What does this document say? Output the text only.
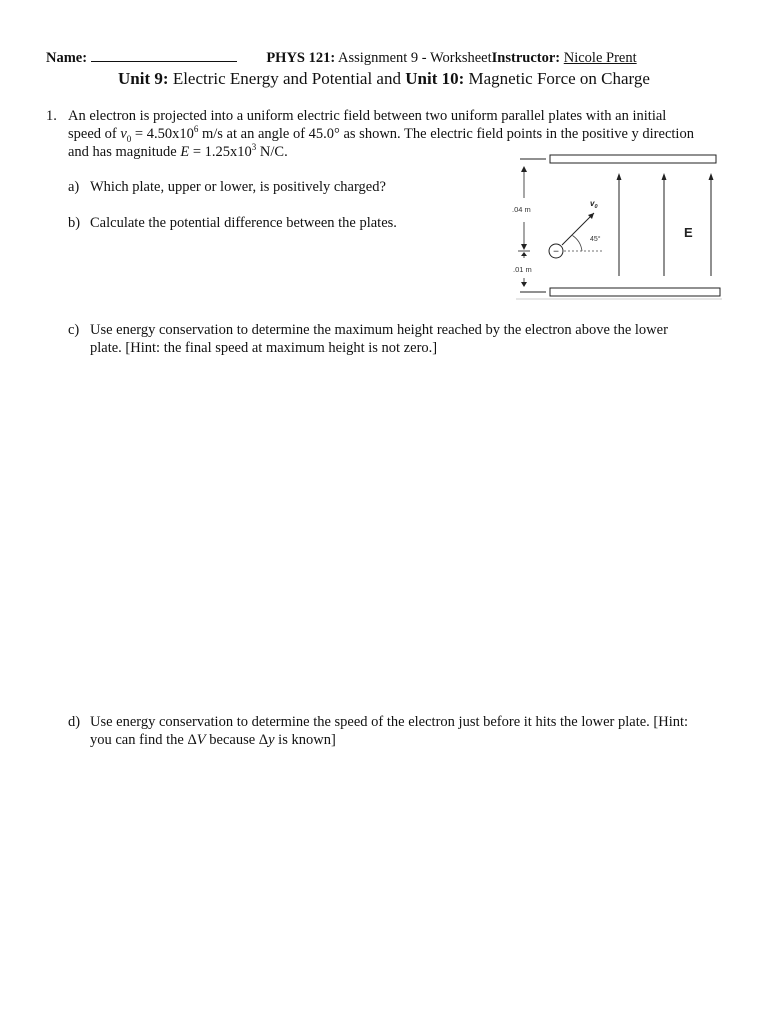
Name:	PHYS 121: Assignment 9 - WorksheetInstructor: Nicole Prent
Unit 9: Electric Energy and Potential and Unit 10: Magnetic Force on Charge
1. An electron is projected into a uniform electric field between two uniform parallel plates with an initial
speed of $v_0 = 4.50x10^6$ m/s at an angle of 45.0° as shown. The electric field points in the positive y direction
and has magnitude $E = 1.25x10^3$ N/C.
a) Which plate, upper or lower, is positively charged?
b) Calculate the potential difference between the plates.
.04 m
.01 m
−
$v_0$
45°	E
c) Use energy conservation to determine the maximum height reached by the electron above the lower
plate. [Hint: the final speed at maximum height is not zero.]
d) Use energy conservation to determine the speed of the electron just before it hits the lower plate. [Hint:
you can find the ΔV because Δy is known]
